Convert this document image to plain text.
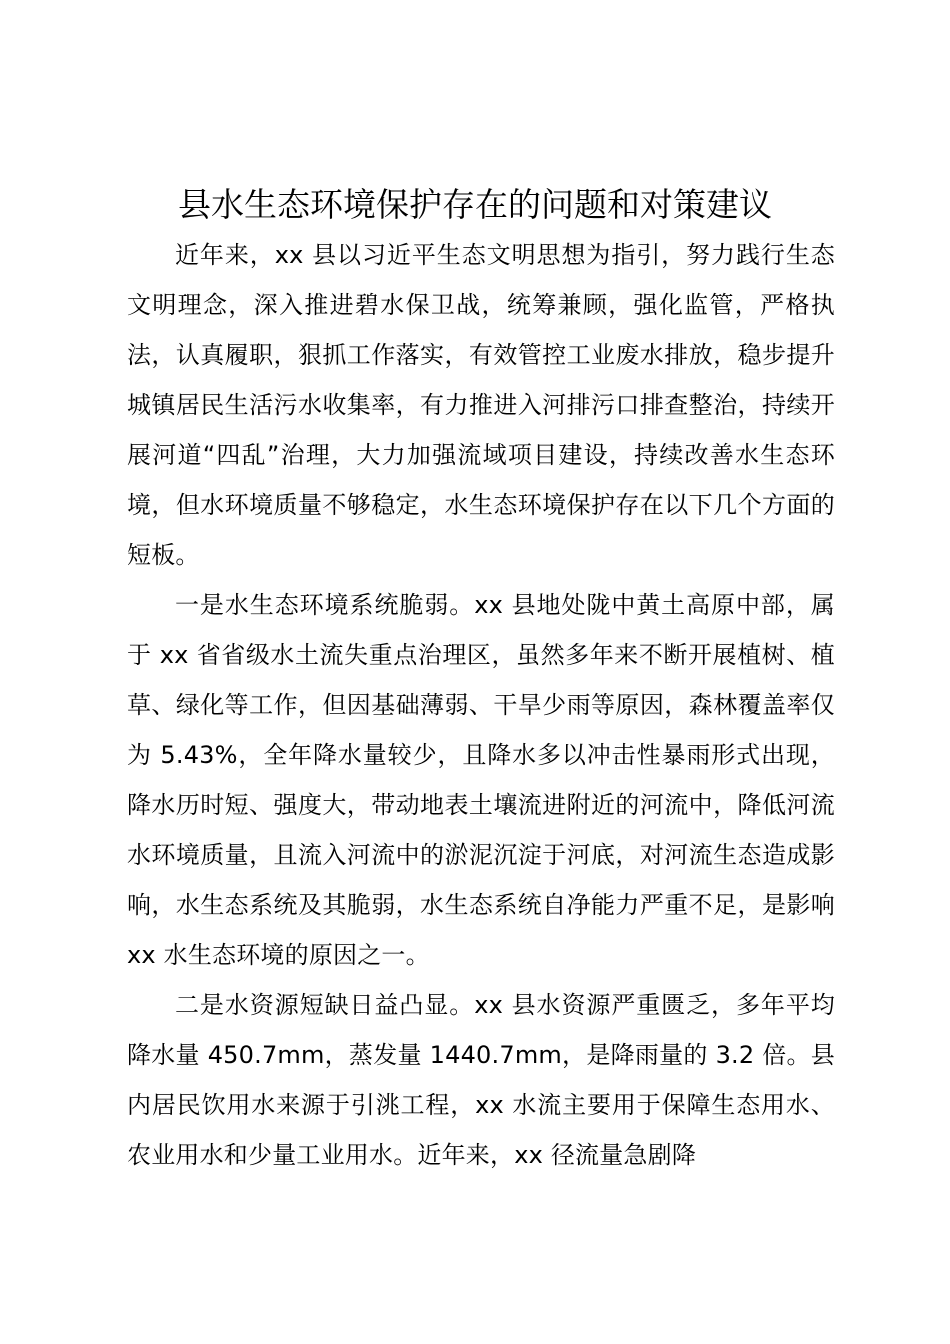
县水生态环境保护存在的问题和对策建议

近年来，xx 县以习近平生态文明思想为指引，努力践行生态文明理念，深入推进碧水保卫战，统筹兼顾，强化监管，严格执法，认真履职，狠抓工作落实，有效管控工业废水排放，稳步提升城镇居民生活污水收集率，有力推进入河排污口排查整治，持续开展河道“四乱”治理，大力加强流域项目建设，持续改善水生态环境，但水环境质量不够稳定，水生态环境保护存在以下几个方面的短板。

一是水生态环境系统脆弱。xx 县地处陇中黄土高原中部，属于 xx 省省级水土流失重点治理区，虽然多年来不断开展植树、植草、绿化等工作，但因基础薄弱、干旱少雨等原因，森林覆盖率仅为 5.43%，全年降水量较少，且降水多以冲击性暴雨形式出现，降水历时短、强度大，带动地表土壤流进附近的河流中，降低河流水环境质量，且流入河流中的淤泥沉淀于河底，对河流生态造成影响，水生态系统及其脆弱，水生态系统自净能力严重不足，是影响 xx 水生态环境的原因之一。

二是水资源短缺日益凸显。xx 县水资源严重匮乏，多年平均降水量 450.7mm，蒸发量 1440.7mm，是降雨量的 3.2 倍。县内居民饮用水来源于引洮工程，xx 水流主要用于保障生态用水、农业用水和少量工业用水。近年来，xx 径流量急剧降
